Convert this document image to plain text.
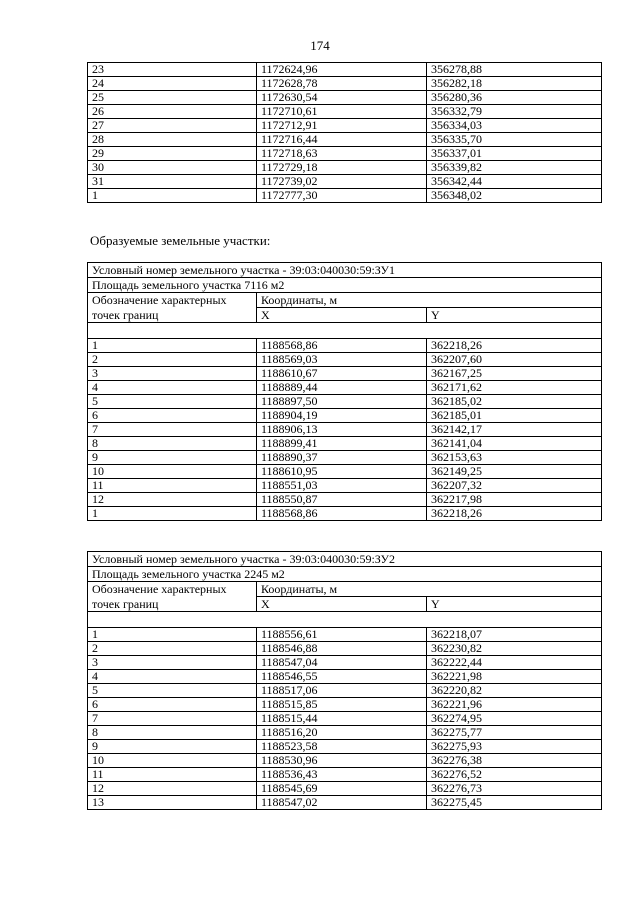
174
23	1172624,96	356278,88
24	1172628,78	356282,18
25	1172630,54	356280,36
26	1172710,61	356332,79
27	1172712,91	356334,03
28	1172716,44	356335,70
29	1172718,63	356337,01
30	1172729,18	356339,82
31	1172739,02	356342,44
1	1172777,30	356348,02
Образуемые земельные участки:
Условный номер земельного участка - 39:03:040030:59:ЗУ1		
Площадь земельного участка 7116 м2		
Обозначение характерных	Координаты, м	
точек границ	X	Y

1	1188568,86	362218,26
2	1188569,03	362207,60
3	1188610,67	362167,25
4	1188889,44	362171,62
5	1188897,50	362185,02
6	1188904,19	362185,01
7	1188906,13	362142,17
8	1188899,41	362141,04
9	1188890,37	362153,63
10	1188610,95	362149,25
11	1188551,03	362207,32
12	1188550,87	362217,98
1	1188568,86	362218,26
Условный номер земельного участка - 39:03:040030:59:ЗУ2		
Площадь земельного участка 2245 м2		
Обозначение характерных	Координаты, м	
точек границ	X	Y

1	1188556,61	362218,07
2	1188546,88	362230,82
3	1188547,04	362222,44
4	1188546,55	362221,98
5	1188517,06	362220,82
6	1188515,85	362221,96
7	1188515,44	362274,95
8	1188516,20	362275,77
9	1188523,58	362275,93
10	1188530,96	362276,38
11	1188536,43	362276,52
12	1188545,69	362276,73
13	1188547,02	362275,45
